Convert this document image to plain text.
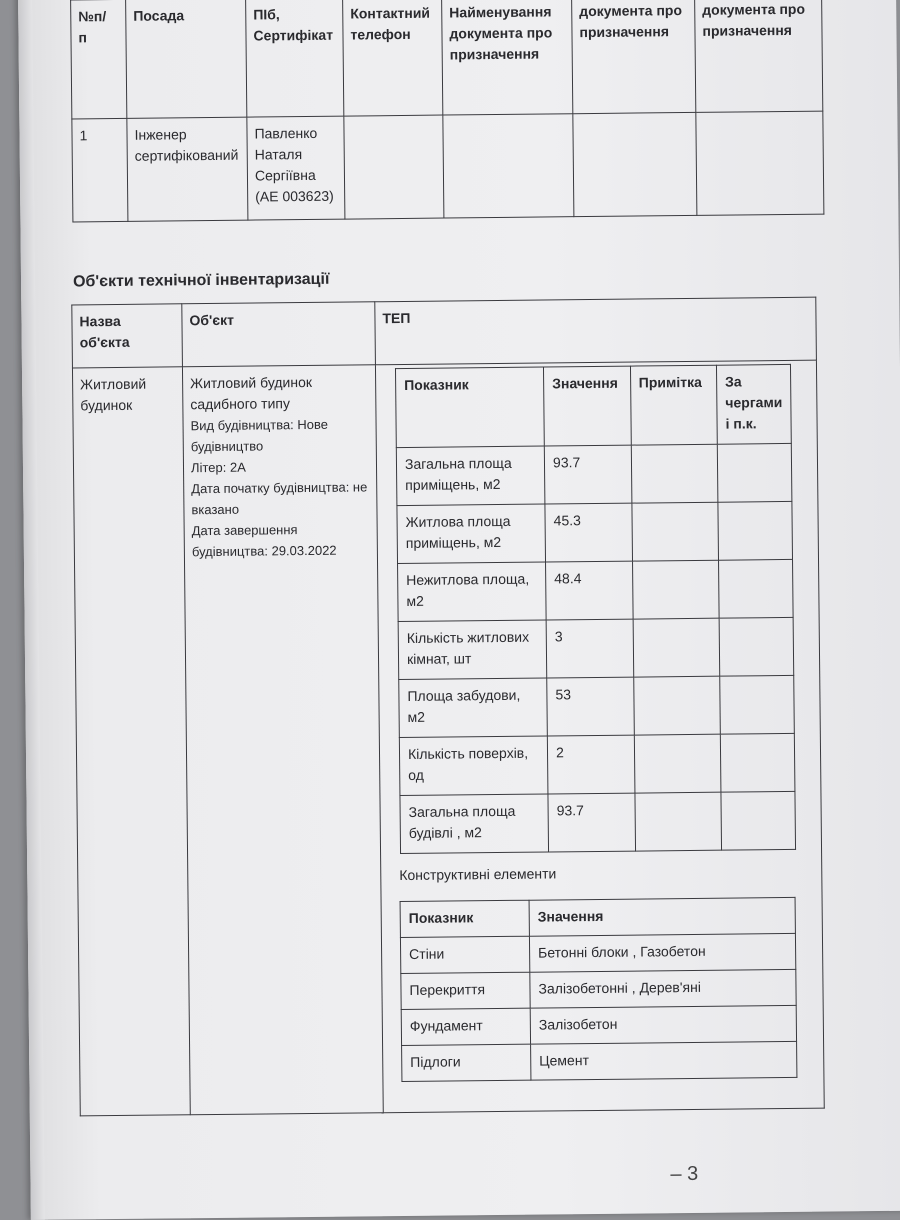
№п/ п	Посада	ПІб, Сертифікат	Контактний телефон	Найменування документа про призначення	документа про призначення	документа про призначення
1	Інженер сертифікований	Павленко Наталя Сергіївна (АЕ 003623)				
Об'єкти технічної інвентаризації
Назва об'єкта	Об'єкт	ТЕП
Житловий будинок	Житловий будинок садибного типу
Вид будівництва: Нове будівництво
Літер: 2А
Дата початку будівництва: не вказано
Дата завершення будівництва: 29.03.2022	

Показник	Значення	Примітка	За чергами і п.к.
Загальна площа приміщень, м2	93.7		
Житлова площа приміщень, м2	45.3		
Нежитлова площа, м2	48.4		
Кількість житлових кімнат, шт	3		
Площа забудови, м2	53		
Кількість поверхів, од	2		
Загальна площа будівлі , м2	93.7		
Конструктивні елементи
Показник	Значення
Стіни	Бетонні блоки , Газобетон
Перекриття	Залізобетонні , Дерев'яні
Фундамент	Залізобетон
Підлоги	Цемент
– 3
